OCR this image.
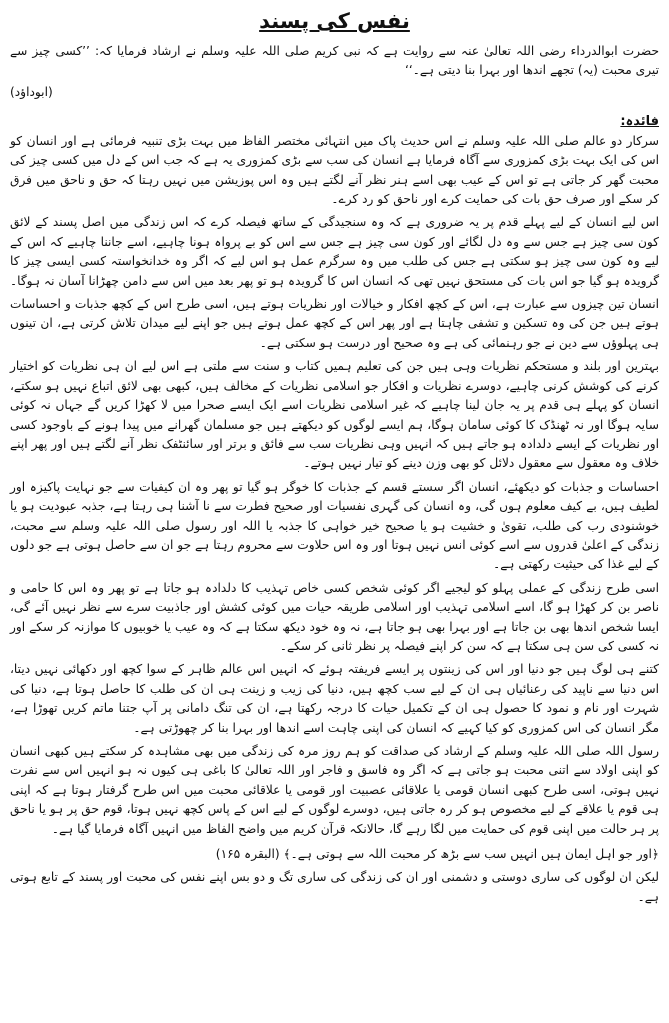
نفس کی پسند

حضرت ابوالدرداء رضی اللہ تعالیٰ عنہ سے روایت ہے کہ نبی کریم صلی اللہ علیہ وسلم نے ارشاد فرمایا کہ: ’’کسی چیز سے تیری محبت (یہ) تجھے اندھا اور بہرا بنا دیتی ہے۔‘‘

(ابوداؤد)
فائدہ:

سرکار دو عالم صلی اللہ علیہ وسلم نے اس حدیث پاک میں انتہائی مختصر الفاظ میں بہت بڑی تنبیہ فرمائی ہے اور انسان کو اس کی ایک بہت بڑی کمزوری سے آگاہ فرمایا ہے انسان کی سب سے بڑی کمزوری یہ ہے کہ جب اس کے دل میں کسی چیز کی محبت گھر کر جاتی ہے تو اس کے عیب بھی اسے ہنر نظر آنے لگتے ہیں وہ اس پوزیشن میں نہیں رہتا کہ حق و ناحق میں فرق کر سکے اور صرف حق بات کی حمایت کرے اور ناحق کو رد کرے۔

اس لیے انسان کے لیے پہلے قدم پر یہ ضروری ہے کہ وہ سنجیدگی کے ساتھ فیصلہ کرے کہ اس زندگی میں اصل پسند کے لائق کون سی چیز ہے جس سے وہ دل لگائے اور کون سی چیز ہے جس سے اس کو بے پرواہ ہونا چاہیے، اسے جاننا چاہیے کہ اس کے لیے وہ کون سی چیز ہو سکتی ہے جس کی طلب میں وہ سرگرم عمل ہو اس لیے کہ اگر وہ خدانخواستہ کسی ایسی چیز کا گرویدہ ہو گیا جو اس بات کی مستحق نہیں تھی کہ انسان اس کا گرویدہ ہو تو پھر بعد میں اس سے دامن چھڑانا آسان نہ ہوگا۔

انسان تین چیزوں سے عبارت ہے، اس کے کچھ افکار و خیالات اور نظریات ہوتے ہیں، اسی طرح اس کے کچھ جذبات و احساسات ہوتے ہیں جن کی وہ تسکین و تشفی چاہتا ہے اور پھر اس کے کچھ عمل ہوتے ہیں جو اپنے لیے میدان تلاش کرتی ہے، ان تینوں ہی پہلوؤں سے دین نے جو رہنمائی کی ہے وہ صحیح اور درست ہو سکتی ہے۔

بہترین اور بلند و مستحکم نظریات وہی ہیں جن کی تعلیم ہمیں کتاب و سنت سے ملتی ہے اس لیے ان ہی نظریات کو اختیار کرنے کی کوشش کرنی چاہیے، دوسرے نظریات و افکار جو اسلامی نظریات کے مخالف ہیں، کبھی بھی لائق اتباع نہیں ہو سکتے، انسان کو پہلے ہی قدم پر یہ جان لینا چاہیے کہ غیر اسلامی نظریات اسے ایک ایسے صحرا میں لا کھڑا کریں گے جہاں نہ کوئی سایہ ہوگا اور نہ ٹھنڈک کا کوئی سامان ہوگا، ہم ایسے لوگوں کو دیکھتے ہیں جو مسلمان گھرانے میں پیدا ہونے کے باوجود کسی اور نظریات کے ایسے دلدادہ ہو جاتے ہیں کہ انہیں وہی نظریات سب سے فائق و برتر اور سائنٹفک نظر آنے لگتے ہیں اور پھر اپنے خلاف وہ معقول سے معقول دلائل کو بھی وزن دینے کو تیار نہیں ہوتے۔

احساسات و جذبات کو دیکھئے، انسان اگر سستے قسم کے جذبات کا خوگر ہو گیا تو پھر وہ ان کیفیات سے جو نہایت پاکیزہ اور لطیف ہیں، بے کیف معلوم ہوں گی، وہ انسان کی گہری نفسیات اور صحیح فطرت سے نا آشنا ہی رہتا ہے، جذبہ عبودیت ہو یا خوشنودی رب کی طلب، تقویٰ و خشیت ہو یا صحیح خیر خواہی کا جذبہ یا اللہ اور رسول صلی اللہ علیہ وسلم سے محبت، زندگی کے اعلیٰ قدروں سے اسے کوئی انس نہیں ہوتا اور وہ اس حلاوت سے محروم رہتا ہے جو ان سے حاصل ہوتی ہے جو دلوں کے لیے غذا کی حیثیت رکھتی ہے۔

اسی طرح زندگی کے عملی پہلو کو لیجیے اگر کوئی شخص کسی خاص تہذیب کا دلدادہ ہو جاتا ہے تو پھر وہ اس کا حامی و ناصر بن کر کھڑا ہو گا، اسے اسلامی تہذیب اور اسلامی طریقہ حیات میں کوئی کشش اور جاذبیت سرے سے نظر نہیں آئے گی، ایسا شخص اندھا بھی بن جاتا ہے اور بہرا بھی ہو جاتا ہے، نہ وہ خود دیکھ سکتا ہے کہ وہ عیب یا خوبیوں کا موازنہ کر سکے اور نہ کسی کی سن ہی سکتا ہے کہ سن کر اپنے فیصلہ پر نظر ثانی کر سکے۔

کتنے ہی لوگ ہیں جو دنیا اور اس کی زینتوں پر ایسے فریفتہ ہوئے کہ انہیں اس عالم ظاہر کے سوا کچھ اور دکھائی نہیں دیتا، اس دنیا سے ناپید کی رعنائیاں ہی ان کے لیے سب کچھ ہیں، دنیا کی زیب و زینت ہی ان کی طلب کا حاصل ہوتا ہے، دنیا کی شہرت اور نام و نمود کا حصول ہی ان کے تکمیل حیات کا درجہ رکھتا ہے، ان کی تنگ دامانی پر آپ جتنا ماتم کریں تھوڑا ہے، مگر انسان کی اس کمزوری کو کیا کہیے کہ انسان کی اپنی چاہت اسے اندھا اور بہرا بنا کر چھوڑتی ہے۔

رسول اللہ صلی اللہ علیہ وسلم کے ارشاد کی صداقت کو ہم روز مرہ کی زندگی میں بھی مشاہدہ کر سکتے ہیں کبھی انسان کو اپنی اولاد سے اتنی محبت ہو جاتی ہے کہ اگر وہ فاسق و فاجر اور اللہ تعالیٰ کا باغی ہی کیوں نہ ہو انہیں اس سے نفرت نہیں ہوتی، اسی طرح کبھی انسان قومی یا علاقائی عصبیت اور قومی یا علاقائی محبت میں اس طرح گرفتار ہوتا ہے کہ اپنی ہی قوم یا علاقے کے لیے مخصوص ہو کر رہ جاتی ہیں، دوسرے لوگوں کے لیے اس کے پاس کچھ نہیں ہوتا، قوم حق پر ہو یا ناحق پر ہر حالت میں اپنی قوم کی حمایت میں لگا رہے گا، حالانکہ قرآن کریم میں واضح الفاظ میں انہیں آگاہ فرمایا گیا ہے۔

﴿اور جو اہل ایمان ہیں انہیں سب سے بڑھ کر محبت اللہ سے ہوتی ہے۔﴾ (البقرہ ۱۶۵)

لیکن ان لوگوں کی ساری دوستی و دشمنی اور ان کی زندگی کی ساری تگ و دو بس اپنے نفس کی محبت اور پسند کے تابع ہوتی ہے۔
